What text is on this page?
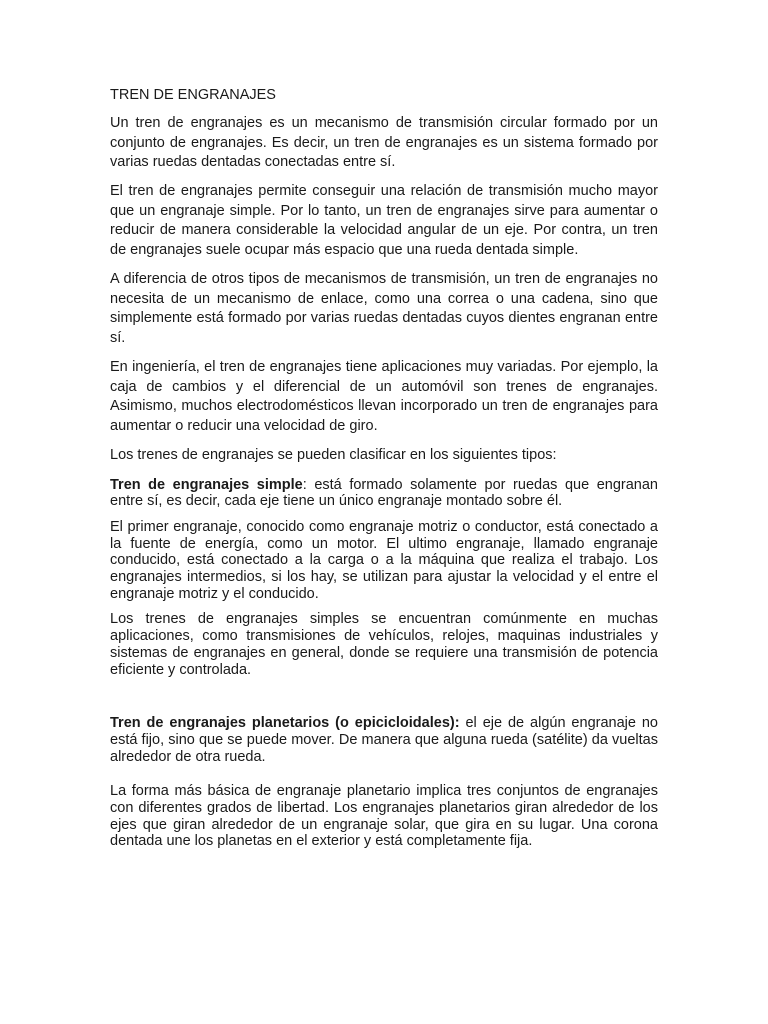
TREN DE ENGRANAJES

Un tren de engranajes es un mecanismo de transmisión circular formado por un conjunto de engranajes. Es decir, un tren de engranajes es un sistema formado por varias ruedas dentadas conectadas entre sí.

El tren de engranajes permite conseguir una relación de transmisión mucho mayor que un engranaje simple. Por lo tanto, un tren de engranajes sirve para aumentar o reducir de manera considerable la velocidad angular de un eje. Por contra, un tren de engranajes suele ocupar más espacio que una rueda dentada simple.

A diferencia de otros tipos de mecanismos de transmisión, un tren de engranajes no necesita de un mecanismo de enlace, como una correa o una cadena, sino que simplemente está formado por varias ruedas dentadas cuyos dientes engranan entre sí.

En ingeniería, el tren de engranajes tiene aplicaciones muy variadas. Por ejemplo, la caja de cambios y el diferencial de un automóvil son trenes de engranajes. Asimismo, muchos electrodomésticos llevan incorporado un tren de engranajes para aumentar o reducir una velocidad de giro.

Los trenes de engranajes se pueden clasificar en los siguientes tipos:

Tren de engranajes simple: está formado solamente por ruedas que engranan entre sí, es decir, cada eje tiene un único engranaje montado sobre él.

El primer engranaje, conocido como engranaje motriz o conductor, está conectado a la fuente de energía, como un motor. El ultimo engranaje, llamado engranaje conducido, está conectado a la carga o a la máquina que realiza el trabajo. Los engranajes intermedios, si los hay, se utilizan para ajustar la velocidad y el entre el engranaje motriz y el conducido.

Los trenes de engranajes simples se encuentran comúnmente en muchas aplicaciones, como transmisiones de vehículos, relojes, maquinas industriales y sistemas de engranajes en general, donde se requiere una transmisión de potencia eficiente y controlada.

Tren de engranajes planetarios (o epicicloidales): el eje de algún engranaje no está fijo, sino que se puede mover. De manera que alguna rueda (satélite) da vueltas alrededor de otra rueda.

La forma más básica de engranaje planetario implica tres conjuntos de engranajes con diferentes grados de libertad. Los engranajes planetarios giran alrededor de los ejes que giran alrededor de un engranaje solar, que gira en su lugar. Una corona dentada une los planetas en el exterior y está completamente fija.
